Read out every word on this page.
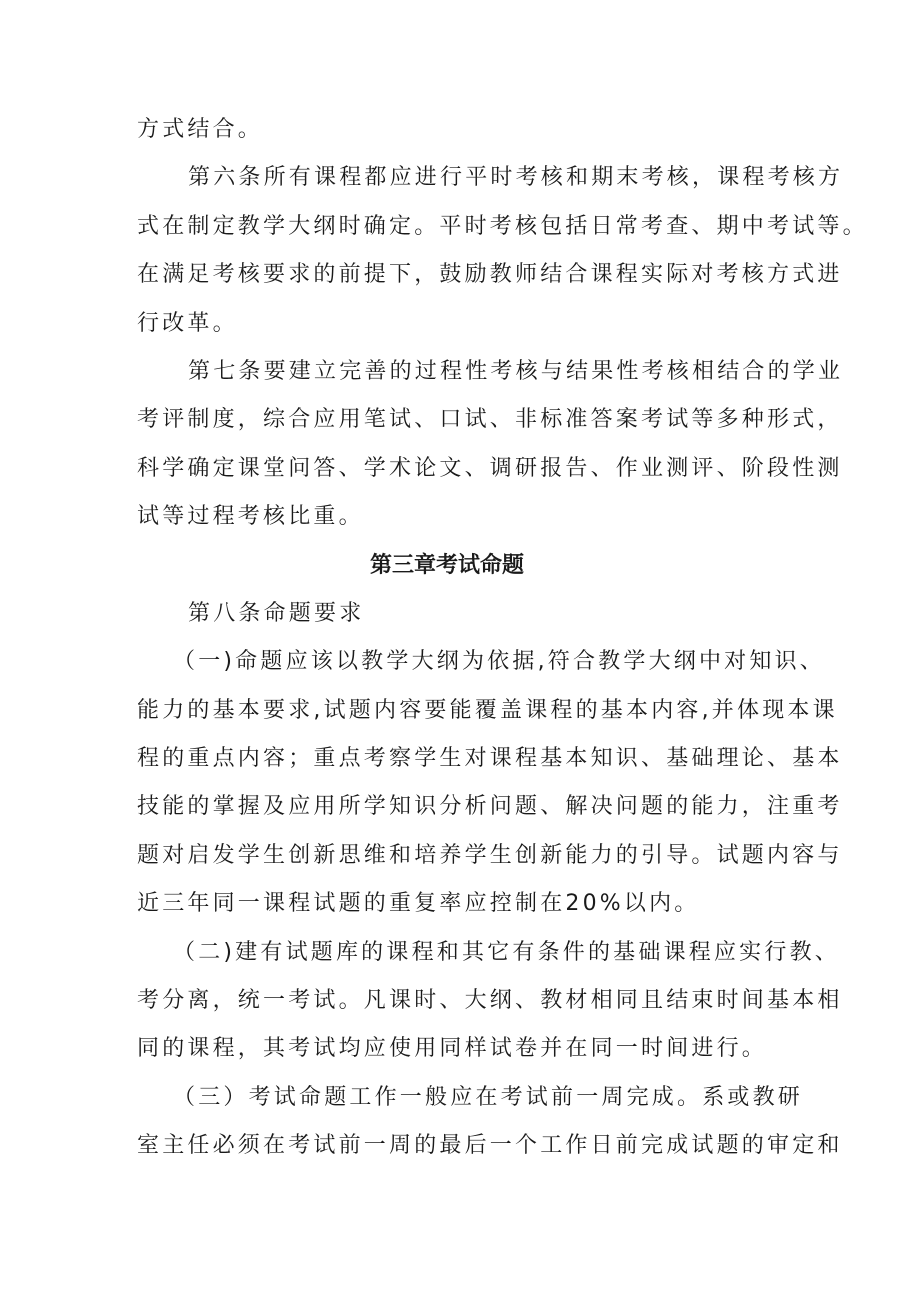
方式结合。
第六条所有课程都应进行平时考核和期末考核，课程考核方
式在制定教学大纲时确定。平时考核包括日常考查、期中考试等。
在满足考核要求的前提下，鼓励教师结合课程实际对考核方式进
行改革。
第七条要建立完善的过程性考核与结果性考核相结合的学业
考评制度，综合应用笔试、口试、非标准答案考试等多种形式，
科学确定课堂问答、学术论文、调研报告、作业测评、阶段性测
试等过程考核比重。
第三章考试命题
第八条命题要求
（一)命题应该以教学大纲为依据,符合教学大纲中对知识、
能力的基本要求,试题内容要能覆盖课程的基本内容,并体现本课
程的重点内容；重点考察学生对课程基本知识、基础理论、基本
技能的掌握及应用所学知识分析问题、解决问题的能力，注重考
题对启发学生创新思维和培养学生创新能力的引导。试题内容与
近三年同一课程试题的重复率应控制在20%以内。
（二)建有试题库的课程和其它有条件的基础课程应实行教、
考分离，统一考试。凡课时、大纲、教材相同且结束时间基本相
同的课程，其考试均应使用同样试卷并在同一时间进行。
（三）考试命题工作一般应在考试前一周完成。系或教研
室主任必须在考试前一周的最后一个工作日前完成试题的审定和
